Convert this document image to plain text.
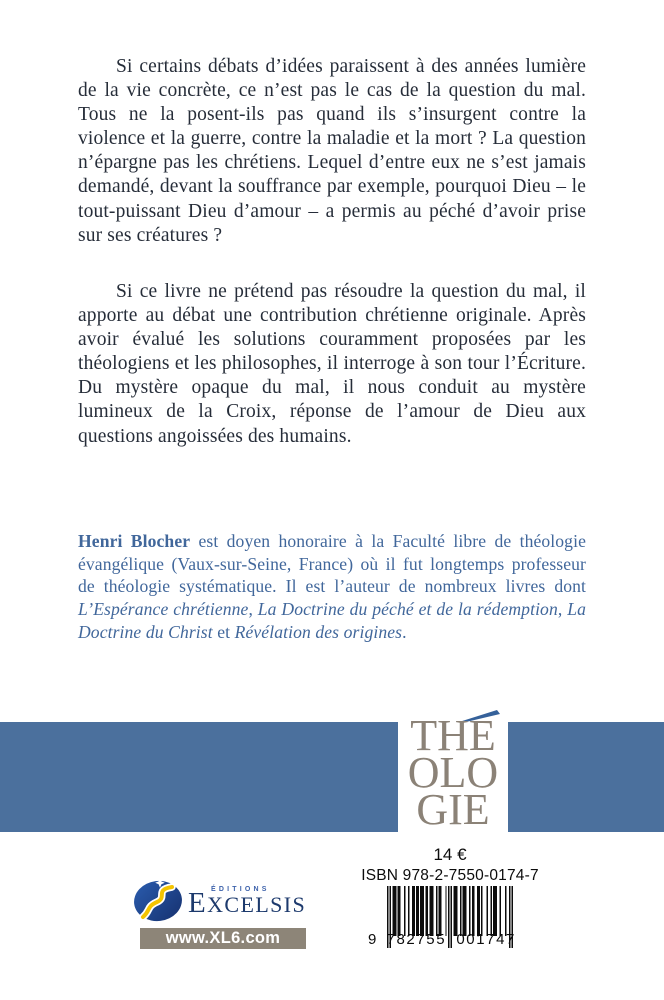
Si certains débats d’idées paraissent à des années lumière de la vie concrète, ce n’est pas le cas de la question du mal. Tous ne la posent-ils pas quand ils s’insurgent contre la violence et la guerre, contre la maladie et la mort ? La question n’épargne pas les chrétiens. Lequel d’entre eux ne s’est jamais demandé, devant la souffrance par exemple, pourquoi Dieu – le tout-puissant Dieu d’amour – a permis au péché d’avoir prise sur ses créatures ?

Si ce livre ne prétend pas résoudre la question du mal, il apporte au débat une contribution chrétienne originale. Après avoir évalué les solutions couramment proposées par les théologiens et les philosophes, il interroge à son tour l’Écriture. Du mystère opaque du mal, il nous conduit au mystère lumineux de la Croix, réponse de l’amour de Dieu aux questions angoissées des humains.

Henri Blocher est doyen honoraire à la Faculté libre de théologie évangélique (Vaux-sur-Seine, France) où il fut longtemps professeur de théologie systématique. Il est l’auteur de nombreux livres dont L’Espérance chrétienne, La Doctrine du péché et de la rédemption, La Doctrine du Christ et Révélation des origines.

THE
OLO
GIE
ÉDITIONS
EXCELSIS
www.XL6.com
14 €
ISBN 978-2-7550-0174-7
9 782755 001747
